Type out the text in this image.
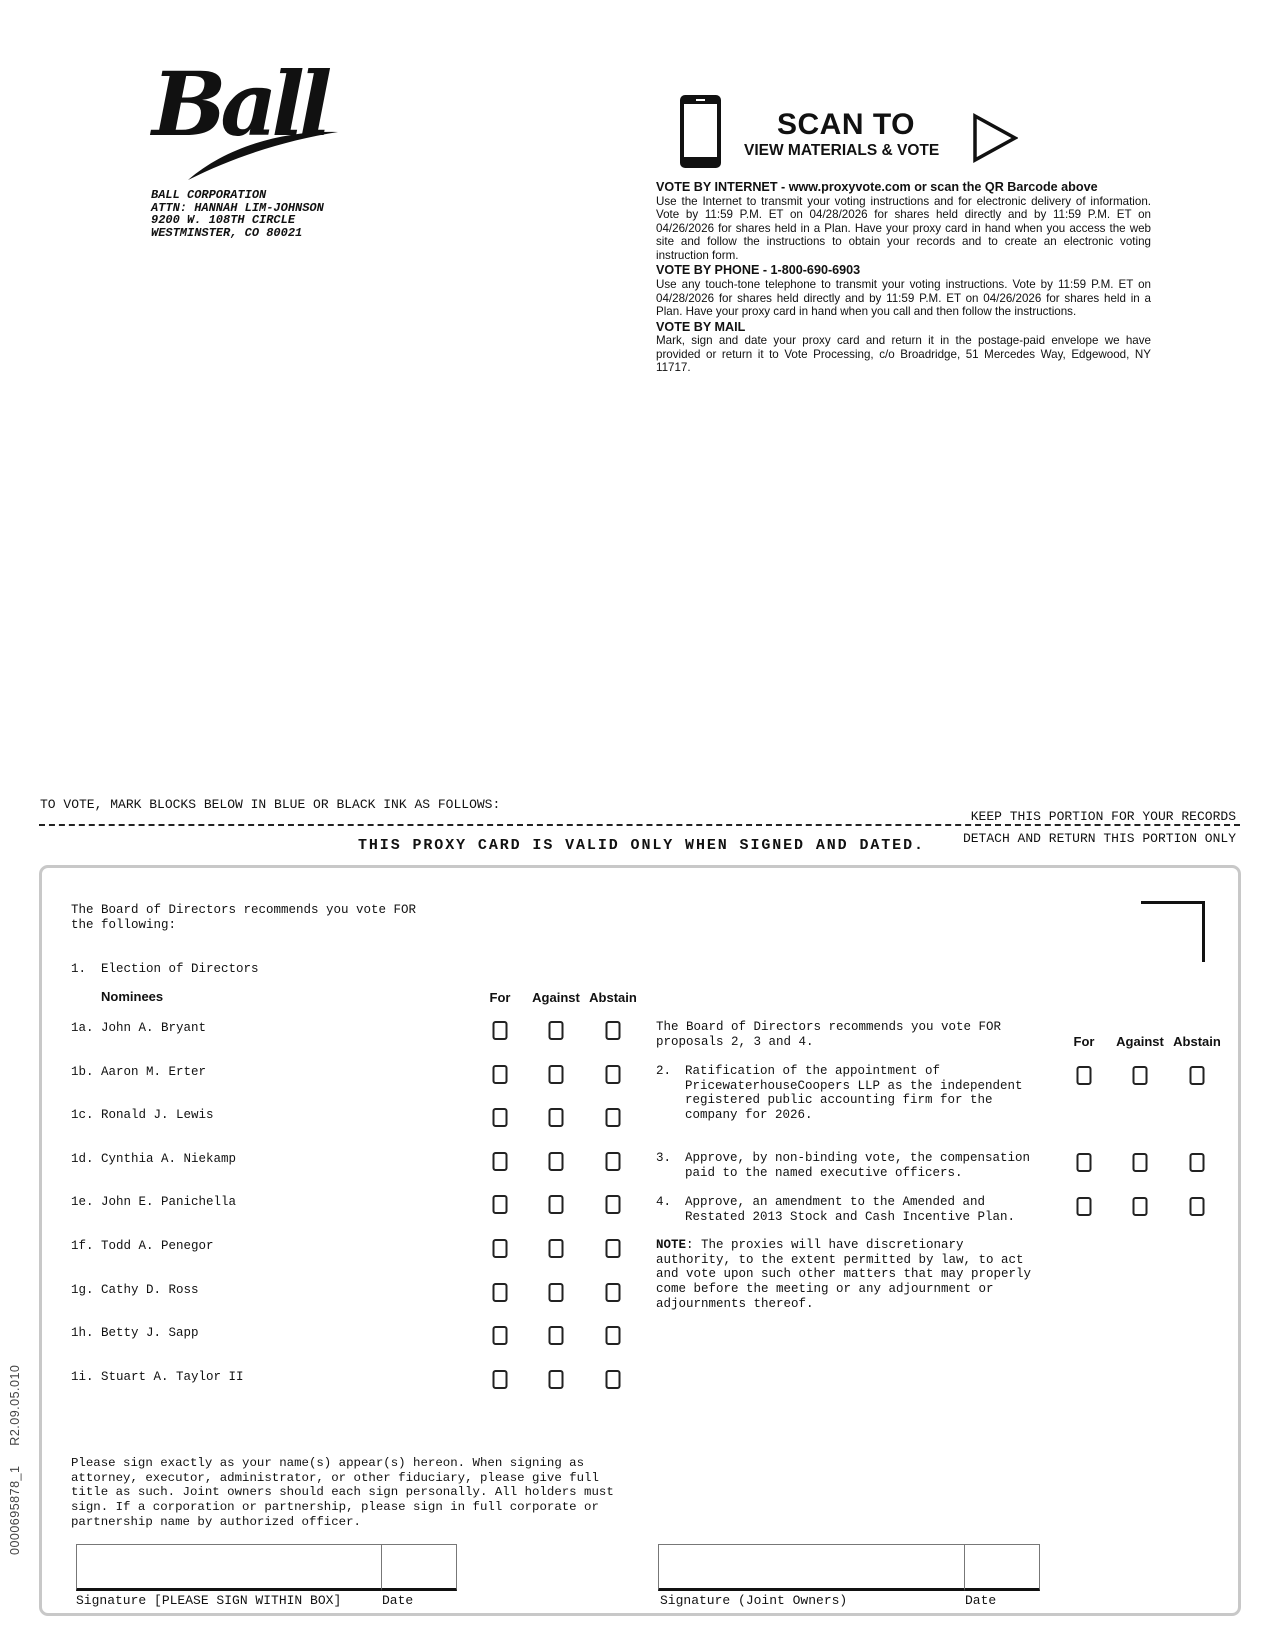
Ball
BALL CORPORATION
ATTN: HANNAH LIM-JOHNSON
9200 W. 108TH CIRCLE
WESTMINSTER, CO 80021
SCAN TO
VIEW MATERIALS & VOTE
VOTE BY INTERNET - www.proxyvote.com or scan the QR Barcode above

Use the Internet to transmit your voting instructions and for electronic delivery of information. Vote by 11:59 P.M. ET on 04/28/2026 for shares held directly and by 11:59 P.M. ET on 04/26/2026 for shares held in a Plan. Have your proxy card in hand when you access the web site and follow the instructions to obtain your records and to create an electronic voting instruction form.

VOTE BY PHONE - 1-800-690-6903

Use any touch-tone telephone to transmit your voting instructions. Vote by 11:59 P.M. ET on 04/28/2026 for shares held directly and by 11:59 P.M. ET on 04/26/2026 for shares held in a Plan. Have your proxy card in hand when you call and then follow the instructions.

VOTE BY MAIL

Mark, sign and date your proxy card and return it in the postage-paid envelope we have provided or return it to Vote Processing, c/o Broadridge, 51 Mercedes Way, Edgewood, NY 11717.

TO VOTE, MARK BLOCKS BELOW IN BLUE OR BLACK INK AS FOLLOWS:
KEEP THIS PORTION FOR YOUR RECORDS
DETACH AND RETURN THIS PORTION ONLY
THIS PROXY CARD IS VALID ONLY WHEN SIGNED AND DATED.
The Board of Directors recommends you vote FOR
the following:
1.  Election of Directors
Nominees	For Against Abstain
1a. John A. Bryant
1b. Aaron M. Erter
1c. Ronald J. Lewis
1d. Cynthia A. Niekamp
1e. John E. Panichella
1f. Todd A. Penegor
1g. Cathy D. Ross
1h. Betty J. Sapp
1i. Stuart A. Taylor II
The Board of Directors recommends you vote FOR
proposals 2, 3 and 4.	For Against Abstain
2. Ratification of the appointment of
PricewaterhouseCoopers LLP as the independent
registered public accounting firm for the
company for 2026.
3. Approve, by non-binding vote, the compensation
paid to the named executive officers.
4. Approve, an amendment to the Amended and
Restated 2013 Stock and Cash Incentive Plan.
NOTE: The proxies will have discretionary
authority, to the extent permitted by law, to act
and vote upon such other matters that may properly
come before the meeting or any adjournment or
adjournments thereof.
Please sign exactly as your name(s) appear(s) hereon. When signing as
attorney, executor, administrator, or other fiduciary, please give full
title as such. Joint owners should each sign personally. All holders must
sign. If a corporation or partnership, please sign in full corporate or
partnership name by authorized officer.
Signature [PLEASE SIGN WITHIN BOX]	Date	Signature (Joint Owners)	Date
0000695878_1     R2.09.05.010
